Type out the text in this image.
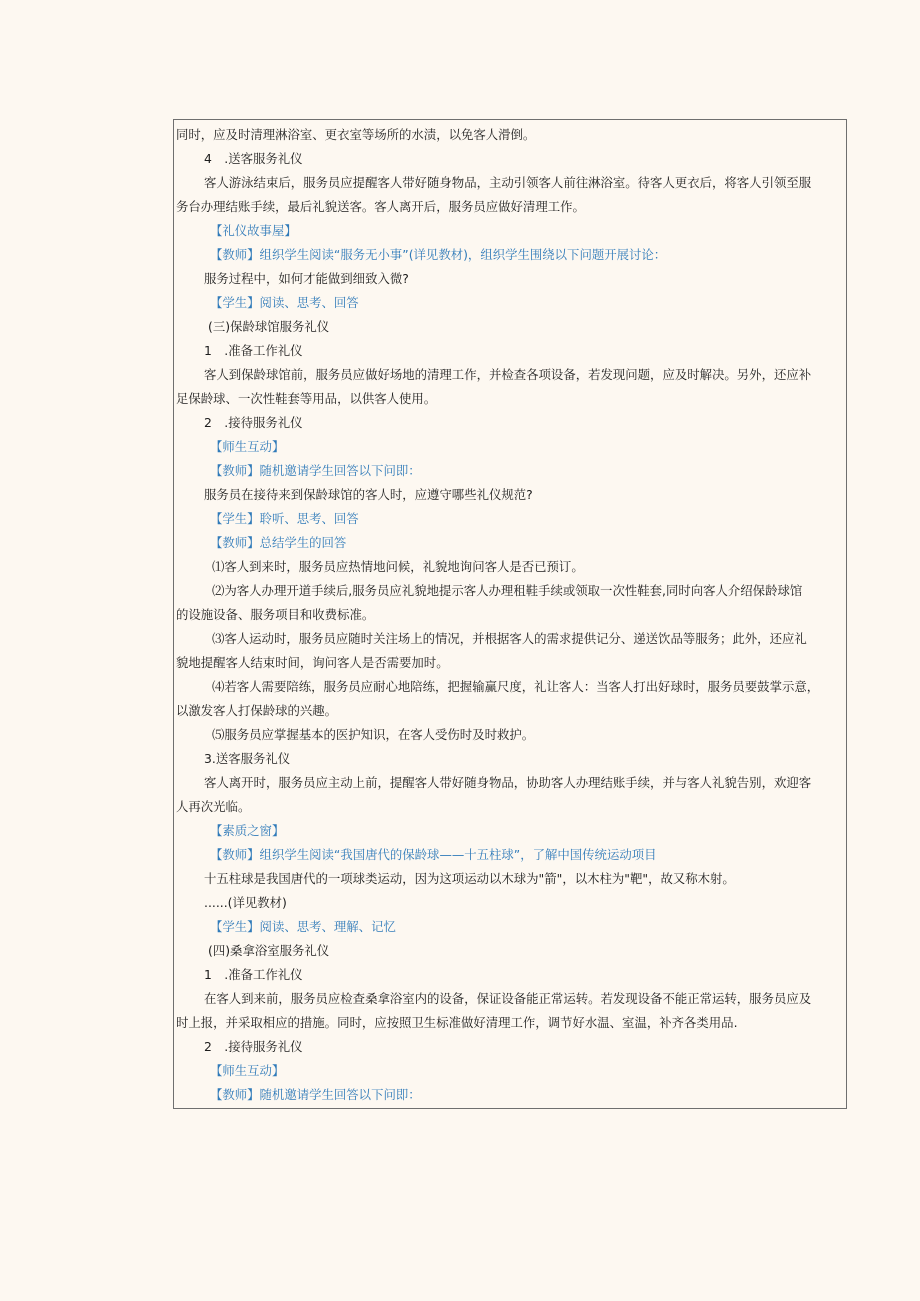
同时，应及时清理淋浴室、更衣室等场所的水渍，以免客人滑倒。
4　.送客服务礼仪
客人游泳结束后，服务员应提醒客人带好随身物品，主动引领客人前往淋浴室。待客人更衣后，将客人引领至服
务台办理结账手续，最后礼貌送客。客人离开后，服务员应做好清理工作。
【礼仪故事屋】
【教师】组织学生阅读“服务无小事”(详见教材)，组织学生围绕以下问题开展讨论：
服务过程中，如何才能做到细致入微?
【学生】阅读、思考、回答
(三)保龄球馆服务礼仪
1　.准备工作礼仪
客人到保龄球馆前，服务员应做好场地的清理工作，并检查各项设备，若发现问题，应及时解决。另外，还应补
足保龄球、一次性鞋套等用品，以供客人使用。
2　.接待服务礼仪
【师生互动】
【教师】随机邀请学生回答以下问即：
服务员在接待来到保龄球馆的客人时，应遵守哪些礼仪规范?
【学生】聆听、思考、回答
【教师】总结学生的回答
⑴客人到来时，服务员应热情地问候，礼貌地询问客人是否已预订。
⑵为客人办理开道手续后,服务员应礼貌地提示客人办理租鞋手续或领取一次性鞋套,同时向客人介绍保龄球馆
的设施设备、服务项目和收费标准。
⑶客人运动时，服务员应随时关注场上的情况，并根据客人的需求提供记分、递送饮品等服务；此外，还应礼
貌地提醒客人结束时间，询问客人是否需要加时。
⑷若客人需要陪练，服务员应耐心地陪练，把握输赢尺度，礼让客人：当客人打出好球时，服务员要鼓掌示意，
以激发客人打保龄球的兴趣。
⑸服务员应掌握基本的医护知识，在客人受伤时及时救护。
3.送客服务礼仪
客人离开时，服务员应主动上前，提醒客人带好随身物品，协助客人办理结账手续，并与客人礼貌告别，欢迎客
人再次光临。
【素质之窗】
【教师】组织学生阅读“我国唐代的保龄球——十五柱球”，了解中国传统运动项目
十五柱球是我国唐代的一项球类运动，因为这项运动以木球为"箭"，以木柱为"靶"，故又称木射。
......(详见教材)
【学生】阅读、思考、理解、记忆
(四)桑拿浴室服务礼仪
1　.准备工作礼仪
在客人到来前，服务员应检查桑拿浴室内的设备，保证设备能正常运转。若发现设备不能正常运转，服务员应及
时上报，并采取相应的措施。同时，应按照卫生标准做好清理工作，调节好水温、室温，补齐各类用品.
2　.接待服务礼仪
【师生互动】
【教师】随机邀请学生回答以下问即：
